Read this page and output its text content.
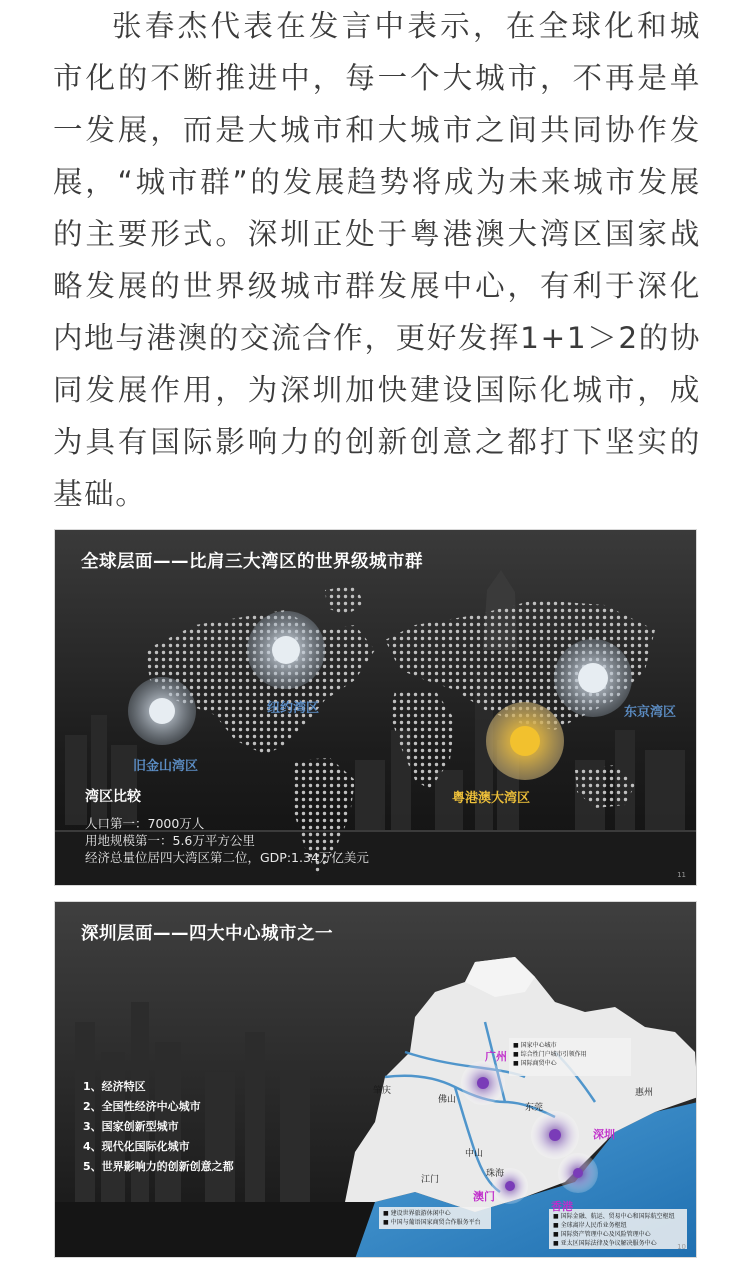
张春杰代表在发言中表示，在全球化和城市化的不断推进中，每一个大城市，不再是单一发展，而是大城市和大城市之间共同协作发展，“城市群”的发展趋势将成为未来城市发展的主要形式。深圳正处于粤港澳大湾区国家战略发展的世界级城市群发展中心，有利于深化内地与港澳的交流合作，更好发挥1+1＞2的协同发展作用，为深圳加快建设国际化城市，成为具有国际影响力的创新创意之都打下坚实的基础。

全球层面——比肩三大湾区的世界级城市群
旧金山湾区
纽约湾区	东京湾区
粤港澳大湾区
湾区比较
人口第一：7000万人
用地规模第一：5.6万平方公里
经济总量位居四大湾区第二位，GDP:1.34万亿美元
11
深圳层面——四大中心城市之一
1、经济特区
2、全国性经济中心城市
3、国家创新型城市
4、现代化国际化城市
5、世界影响力的创新创意之都
广州
深圳
澳门
香港
肇庆
佛山
东莞
惠州
中山
珠海
江门
■ 国家中心城市
■ 综合性门户城市引领作用
■ 国际商贸中心
■ 建设世界旅游休闲中心
■ 中国与葡语国家商贸合作服务平台
■ 国际金融、航运、贸易中心和国际航空枢纽
■ 全球离岸人民币业务枢纽
■ 国际资产管理中心及风险管理中心
■ 亚太区国际法律及争议解决服务中心	10
